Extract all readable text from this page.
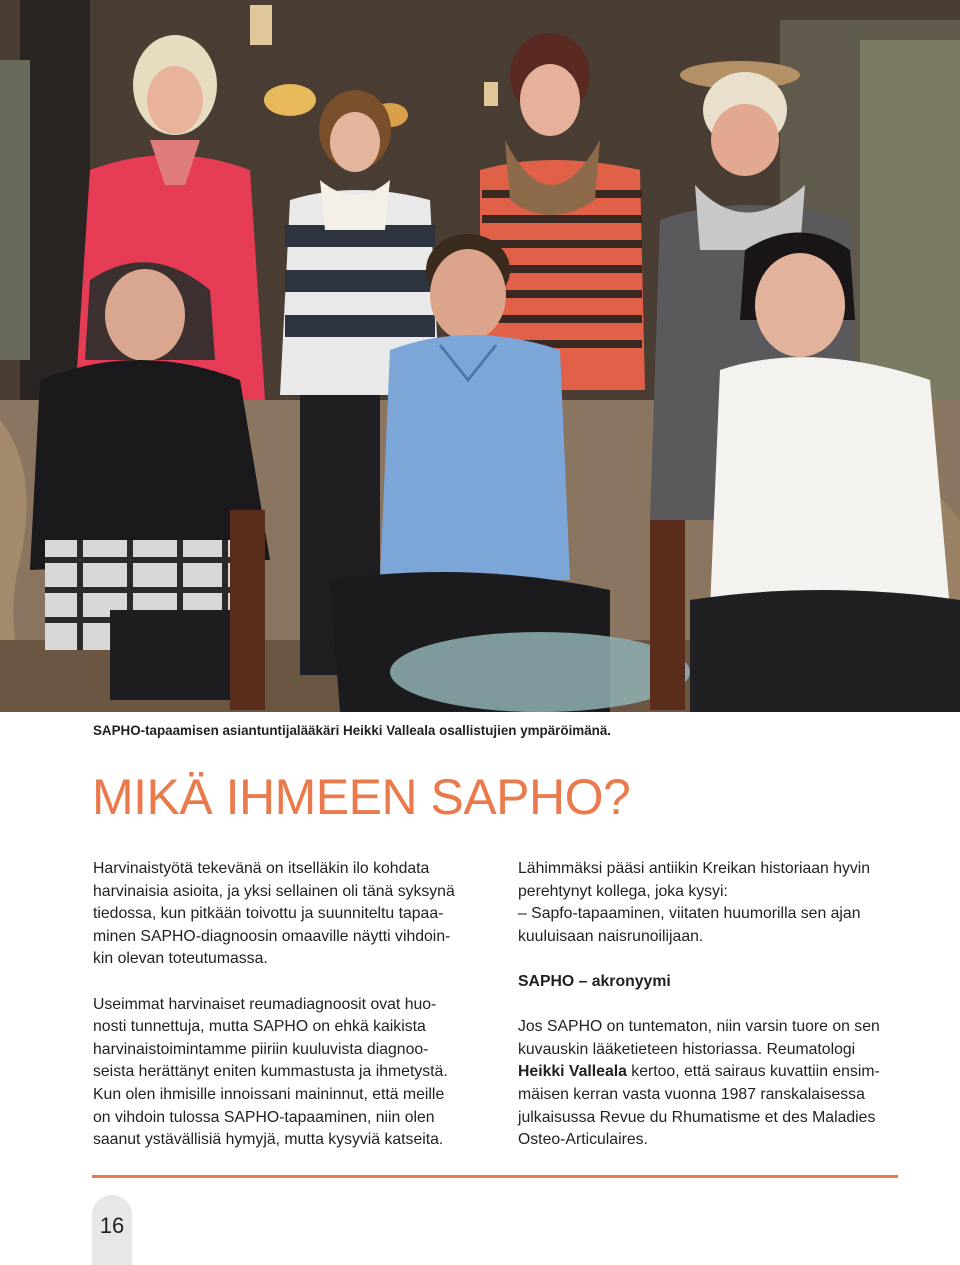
SAPHO-tapaamisen asiantuntijalääkäri Heikki Valleala osallistujien ympäröimänä.
MIKÄ IHMEEN SAPHO?

Harvinaistyötä tekevänä on itselläkin ilo kohdata
harvinaisia asioita, ja yksi sellainen oli tänä syksynä
tiedossa, kun pitkään toivottu ja suunniteltu tapaa-
minen SAPHO-diagnoosin omaaville näytti vihdoin-
kin olevan toteutumassa.

Useimmat harvinaiset reumadiagnoosit ovat huo-
nosti tunnettuja, mutta SAPHO on ehkä kaikista
harvinaistoimintamme piiriin kuuluvista diagnoo-
seista herättänyt eniten kummastusta ja ihmetystä.
Kun olen ihmisille innoissani maininnut, että meille
on vihdoin tulossa SAPHO-tapaaminen, niin olen
saanut ystävällisiä hymyjä, mutta kysyviä katseita.

Lähimmäksi pääsi antiikin Kreikan historiaan hyvin
perehtynyt kollega, joka kysyi:
– Sapfo-tapaaminen, viitaten huumorilla sen ajan
kuuluisaan naisrunoilijaan.

SAPHO – akronyymi

Jos SAPHO on tuntematon, niin varsin tuore on sen
kuvauskin lääketieteen historiassa. Reumatologi
Heikki Valleala kertoo, että sairaus kuvattiin ensim-
mäisen kerran vasta vuonna 1987 ranskalaisessa
julkaisussa Revue du Rhumatisme et des Maladies
Osteo-Articulaires.

16
